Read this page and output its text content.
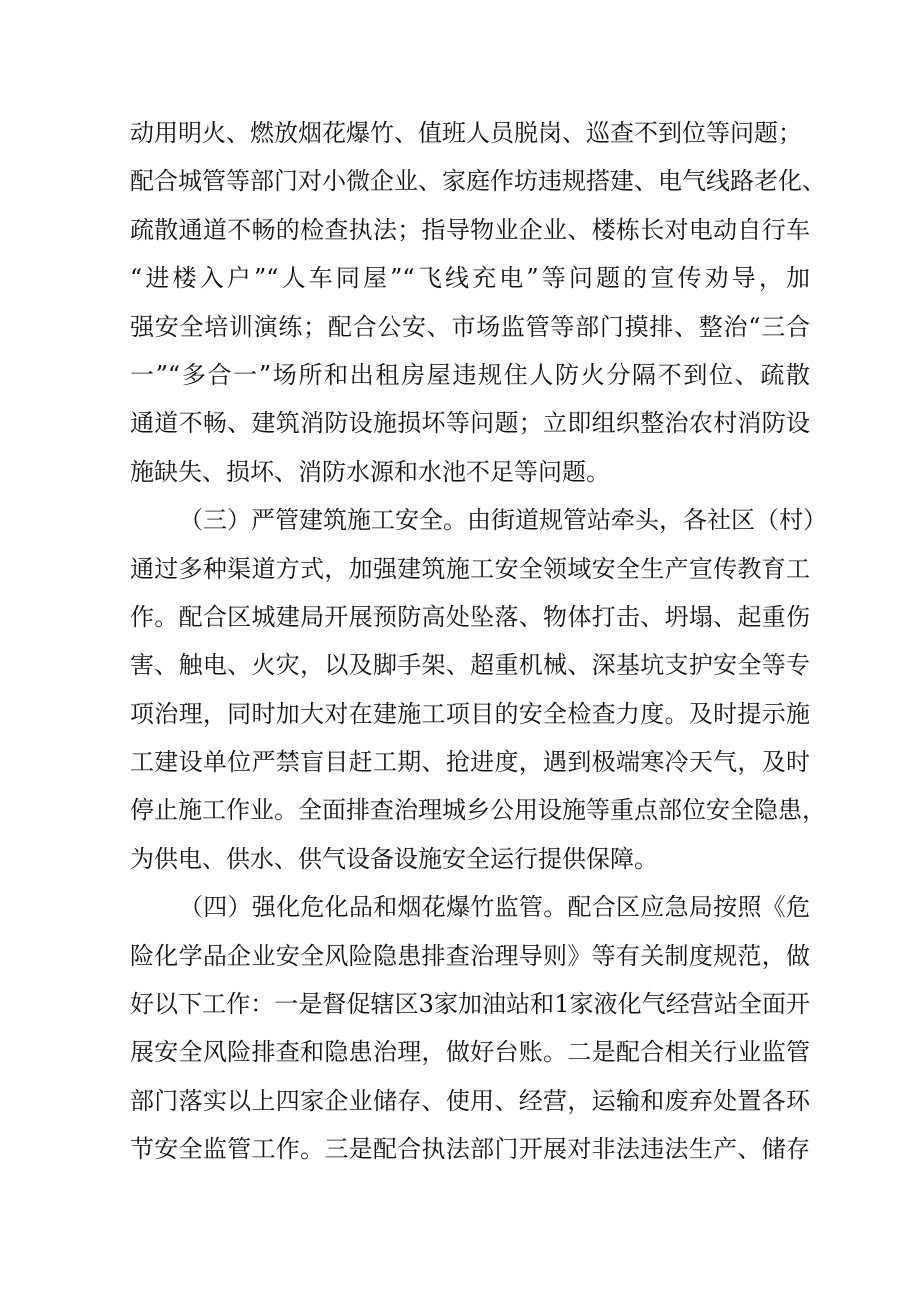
动用明火、燃放烟花爆竹、值班人员脱岗、巡查不到位等问题；
配合城管等部门对小微企业、家庭作坊违规搭建、电气线路老化、
疏散通道不畅的检查执法；指导物业企业、楼栋长对电动自行车
“进楼入户”“人车同屋”“飞线充电”等问题的宣传劝导，加
强安全培训演练；配合公安、市场监管等部门摸排、整治“三合
一”“多合一”场所和出租房屋违规住人防火分隔不到位、疏散
通道不畅、建筑消防设施损坏等问题；立即组织整治农村消防设
施缺失、损坏、消防水源和水池不足等问题。
（三）严管建筑施工安全。由街道规管站牵头，各社区（村）
通过多种渠道方式，加强建筑施工安全领域安全生产宣传教育工
作。配合区城建局开展预防高处坠落、物体打击、坍塌、起重伤
害、触电、火灾，以及脚手架、超重机械、深基坑支护安全等专
项治理，同时加大对在建施工项目的安全检查力度。及时提示施
工建设单位严禁盲目赶工期、抢进度，遇到极端寒冷天气，及时
停止施工作业。全面排查治理城乡公用设施等重点部位安全隐患，
为供电、供水、供气设备设施安全运行提供保障。
（四）强化危化品和烟花爆竹监管。配合区应急局按照《危
险化学品企业安全风险隐患排查治理导则》等有关制度规范，做
好以下工作：一是督促辖区3家加油站和1家液化气经营站全面开
展安全风险排查和隐患治理，做好台账。二是配合相关行业监管
部门落实以上四家企业储存、使用、经营，运输和废弃处置各环
节安全监管工作。三是配合执法部门开展对非法违法生产、储存
